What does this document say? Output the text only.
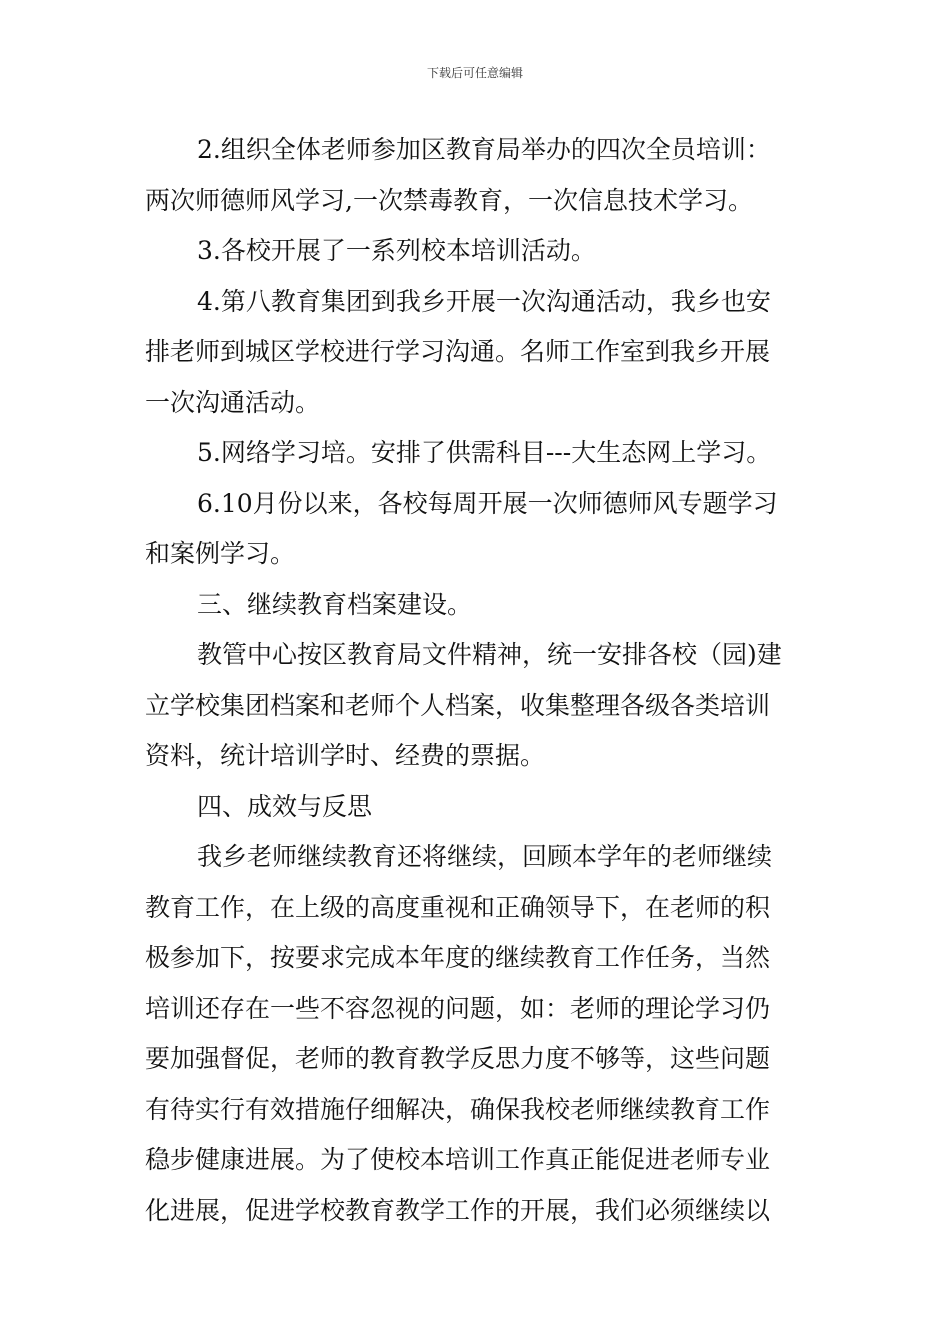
下载后可任意编辑
2.组织全体老师参加区教育局举办的四次全员培训：
两次师德师风学习,一次禁毒教育，一次信息技术学习。
3.各校开展了一系列校本培训活动。
4.第八教育集团到我乡开展一次沟通活动，我乡也安
排老师到城区学校进行学习沟通。名师工作室到我乡开展
一次沟通活动。
5.网络学习培。安排了供需科目---大生态网上学习。
6.10月份以来，各校每周开展一次师德师风专题学习
和案例学习。
三、继续教育档案建设。
教管中心按区教育局文件精神，统一安排各校（园)建
立学校集团档案和老师个人档案，收集整理各级各类培训
资料，统计培训学时、经费的票据。
四、成效与反思
我乡老师继续教育还将继续，回顾本学年的老师继续
教育工作，在上级的高度重视和正确领导下，在老师的积
极参加下，按要求完成本年度的继续教育工作任务，当然
培训还存在一些不容忽视的问题，如：老师的理论学习仍
要加强督促，老师的教育教学反思力度不够等，这些问题
有待实行有效措施仔细解决，确保我校老师继续教育工作
稳步健康进展。为了使校本培训工作真正能促进老师专业
化进展，促进学校教育教学工作的开展，我们必须继续以
